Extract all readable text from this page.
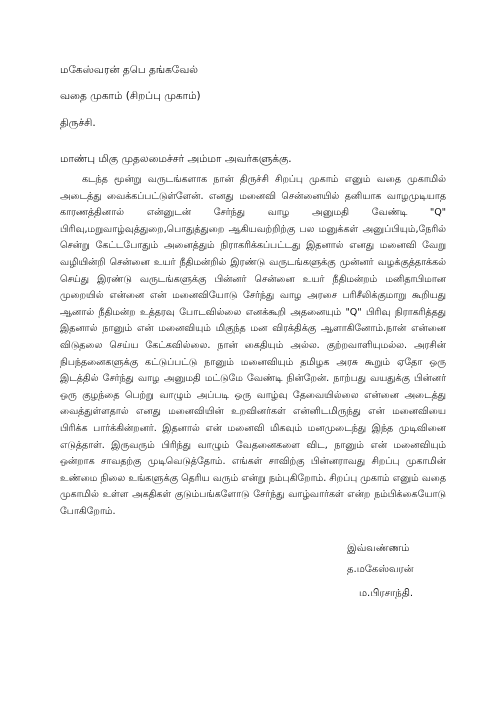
மகேஸ்வரன் தபெ தங்கவேல்
வதை முகாம் (சிறப்பு முகாம்)
திருச்சி.
மாண்பு மிகு முதலமைச்சர் அம்மா அவர்களுக்கு.

கடந்த மூன்று வருடங்களாக நான் திருச்சி சிறப்பு முகாம் எனும் வதை முகாமில் அடைத்து வைக்கப்பட்டுள்ளேன். எனது மனைவி சென்னையில் தனியாக வாழமுடியாத காரணத்தினால் என்னுடன் சேர்ந்து வாழ அனுமதி வேண்டி "Q" பிரிவு,மறுவாழ்வுத்துறை,பொதுத்துறை ஆகியவற்றிற்கு பல மனுக்கள் அனுப்பியும்,நேரில் சென்று கேட்டபோதும் அனைத்தும் நிராகரிக்கப்பட்டது இதனால் எனது மனைவி வேறு வழியின்றி சென்னை உயர் நீதிமன்றில் இரண்டு வருடங்களுக்கு முன்னர் வழக்குத்தாக்கல் செய்து இரண்டு வருடங்களுக்கு பின்னர் சென்னை உயர் நீதிமன்றம் மனிதாபிமான முறையில் என்னை என் மனைவியோடு சேர்ந்து வாழ அரசை பரிசீலிக்குமாறு கூறியது ஆனால் நீதிமன்ற உத்தரவு போடவில்லை எனக்கூறி அதனையும் "Q" பிரிவு நிராகரித்தது இதனால் நானும் என் மனைவியும் மிகுந்த மன விரக்திக்கு ஆளாகினோம்.நான் என்னை விடுதலை செய்ய கேட்கவில்லை. நான் கைதியும் அல்ல. குற்றவாளியுமல்ல. அரசின் நிபந்தனைகளுக்கு கட்டுப்பட்டு நானும் மனைவியும் தமிழக அரசு கூறும் ஏதோ ஒரு இடத்தில் சேர்ந்து வாழ அனுமதி மட்டுமே வேண்டி நின்றேன். நாற்பது வயதுக்கு பின்னர் ஒரு குழந்தை பெற்று வாழும் அப்படி ஒரு வாழ்வு தேவையில்லை என்னை அடைத்து வைத்துள்ளதால் எனது மனைவியின் உறவினர்கள் என்னிடமிருந்து என் மனைவியை பிரிக்க பார்க்கின்றனர். இதனால் என் மனைவி மிகவும் மனமுடைந்து இந்த முடிவினை எடுத்தாள். இருவரும் பிரிந்து வாழும் வேதனைகளை விட, நானும் என் மனைவியும் ஒன்றாக சாவதற்கு முடிவெடுத்தோம். எங்கள் சாவிற்கு பின்னராவது சிறப்பு முகாமின் உண்மை நிலை உங்களுக்கு தெரிய வரும் என்று நம்புகிறோம். சிறப்பு முகாம் எனும் வதை முகாமில் உள்ள அகதிகள் குடும்பங்களோடு சேர்ந்து வாழ்வார்கள் என்ற நம்பிக்கையோடு போகிறோம்.

இவ்வண்ணம்
த.மகேஸ்வரன்
ம.பிரசாந்தி.
